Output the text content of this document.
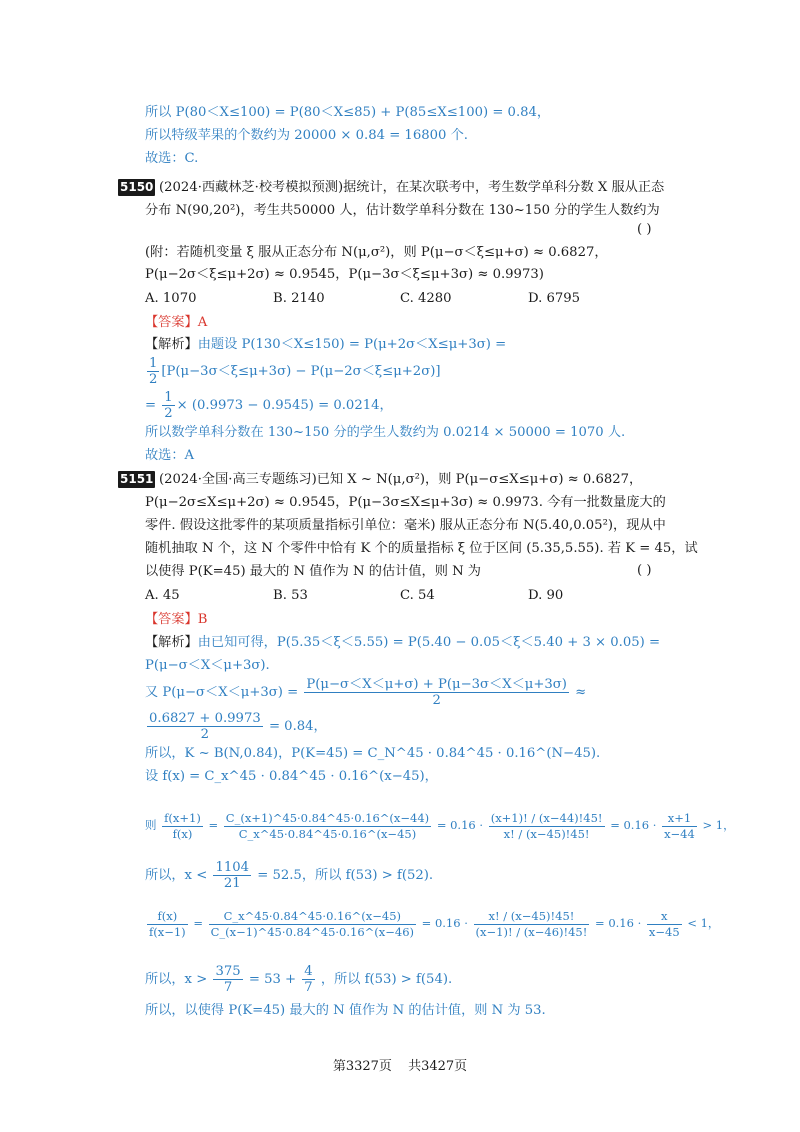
所以 P(80＜X≤100) = P(80＜X≤85) + P(85≤X≤100) = 0.84，
所以特级苹果的个数约为 20000 × 0.84 = 16800 个.
故选：C.
5150 (2024·西藏林芝·校考模拟预测)据统计，在某次联考中，考生数学单科分数 X 服从正态
分布 N(90,20²)，考生共50000 人，估计数学单科分数在 130~150 分的学生人数约为
( )
(附：若随机变量 ξ 服从正态分布 N(μ,σ²)，则 P(μ−σ＜ξ≤μ+σ) ≈ 0.6827，
P(μ−2σ＜ξ≤μ+2σ) ≈ 0.9545，P(μ−3σ＜ξ≤μ+3σ) ≈ 0.9973)
A. 1070	B. 2140	C. 4280	D. 6795
【答案】A
【解析】由题设 P(130＜X≤150) = P(μ+2σ＜X≤μ+3σ) =
$\frac{1}{2} [P(\mu-3\sigma<\xi\le\mu+3\sigma) - P(\mu-2\sigma<\xi\le\mu+2\sigma)]$
= $\frac{1}{2} \times (0.9973 - 0.9545) = 0.0214$，
所以数学单科分数在 130~150 分的学生人数约为 0.0214 × 50000 = 1070 人.
故选：A
5151 (2024·全国·高三专题练习)已知 X ~ N(μ,σ²)，则 P(μ−σ≤X≤μ+σ) ≈ 0.6827，
P(μ−2σ≤X≤μ+2σ) ≈ 0.9545，P(μ−3σ≤X≤μ+3σ) ≈ 0.9973. 今有一批数量庞大的
零件. 假设这批零件的某项质量指标引单位：毫米) 服从正态分布 N(5.40,0.05²)，现从中
随机抽取 N 个，这 N 个零件中恰有 K 个的质量指标 ξ 位于区间 (5.35,5.55). 若 K = 45，试
以使得 P(K=45) 最大的 N 值作为 N 的估计值，则 N 为	( )
A. 45	B. 53	C. 54	D. 90
【答案】B
【解析】由已知可得，P(5.35＜ξ＜5.55) = P(5.40 − 0.05＜ξ＜5.40 + 3 × 0.05) =
P(μ−σ＜X＜μ+3σ).
又 $P(\mu-\sigma<X<\mu+3\sigma) = \frac{P(\mu-\sigma<X<\mu+\sigma) + P(\mu-3\sigma<X<\mu+3\sigma)}{2}$ ≈
$\frac{0.6827 + 0.9973}{2} = 0.84$，
所以，K ~ B(N,0.84)，P(K=45) = C_N^45 · 0.84^45 · 0.16^(N−45).
设 f(x) = C_x^45 · 0.84^45 · 0.16^(x−45)，
则 $\frac{f(x+1)}{f(x)} = \frac{C\_(x+1)\^{}45\cdot 0.84\^{}45\cdot 0.16\^{}(x-44)}{C\_x\^{}45\cdot 0.84\^{}45\cdot 0.16\^{}(x-45)} = 0.16 \cdot \frac{(x+1)! / (x-44)!45!}{x! / (x-45)!45!} = 0.16 \cdot \frac{x+1}{x-44} > 1$，
所以，$x < \frac{1104}{21} = 52.5$，所以 f(53) > f(52).
$\frac{f(x)}{f(x-1)} = \frac{C\_x\^{}45\cdot 0.84\^{}45\cdot 0.16\^{}(x-45)}{C\_(x-1)\^{}45\cdot 0.84\^{}45\cdot 0.16\^{}(x-46)} = 0.16 \cdot \frac{x! / (x-45)!45!}{(x-1)! / (x-46)!45!} = 0.16 \cdot \frac{x}{x-45} < 1$，
所以，$x > \frac{375}{7} = 53 + \frac{4}{7}$ ，所以 f(53) > f(54).
所以，以使得 P(K=45) 最大的 N 值作为 N 的估计值，则 N 为 53.
第3327页 共3427页
